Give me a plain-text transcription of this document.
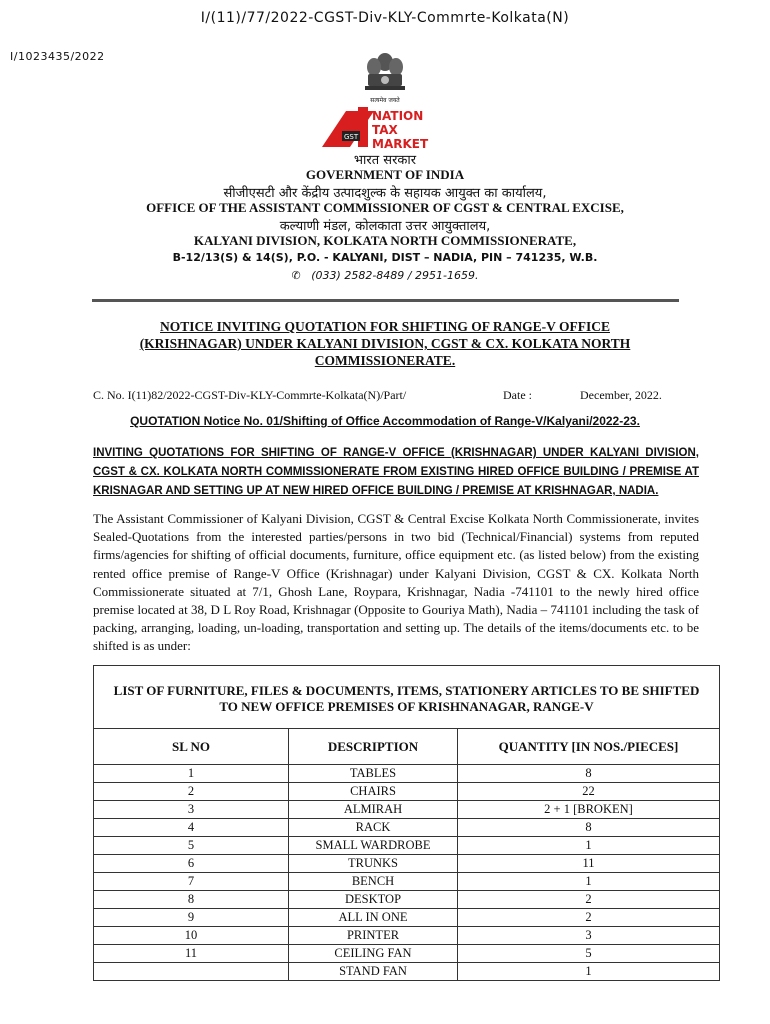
I/(11)/77/2022-CGST-Div-KLY-Commrte-Kolkata(N)
I/1023435/2022
सत्यमेव जयते
GST
NATION
TAX
MARKET
भारत सरकार
GOVERNMENT OF INDIA
सीजीएसटी और केंद्रीय उत्पादशुल्क के सहायक आयुक्त का कार्यालय,
OFFICE OF THE ASSISTANT COMMISSIONER OF CGST & CENTRAL EXCISE,
कल्याणी मंडल, कोलकाता उत्तर आयुक्तालय,
KALYANI DIVISION, KOLKATA NORTH COMMISSIONERATE,
B-12/13(S) & 14(S), P.O. - KALYANI, DIST – NADIA, PIN – 741235, W.B.
✆ (033) 2582-8489 / 2951-1659.
NOTICE INVITING QUOTATION FOR SHIFTING OF RANGE-V OFFICE (KRISHNAGAR) UNDER KALYANI DIVISION, CGST & CX. KOLKATA NORTH COMMISSIONERATE.
C. No. I(11)82/2022-CGST-Div-KLY-Commrte-Kolkata(N)/Part/	Date :	December, 2022.
QUOTATION Notice No. 01/Shifting of Office Accommodation of Range-V/Kalyani/2022-23.
INVITING QUOTATIONS FOR SHIFTING OF RANGE-V OFFICE (KRISHNAGAR) UNDER KALYANI DIVISION, CGST & CX. KOLKATA NORTH COMMISSIONERATE FROM EXISTING HIRED OFFICE BUILDING / PREMISE AT KRISNAGAR AND SETTING UP AT NEW HIRED OFFICE BUILDING / PREMISE AT KRISHNAGAR, NADIA.
The Assistant Commissioner of Kalyani Division, CGST & Central Excise Kolkata North Commissionerate, invites Sealed-Quotations from the interested parties/persons in two bid (Technical/Financial) systems from reputed firms/agencies for shifting of official documents, furniture, office equipment etc. (as listed below) from the existing rented office premise of Range-V Office (Krishnagar) under Kalyani Division, CGST & CX. Kolkata North Commissionerate situated at 7/1, Ghosh Lane, Roypara, Krishnagar, Nadia -741101 to the newly hired office premise located at 38, D L Roy Road, Krishnagar (Opposite to Gouriya Math), Nadia – 741101 including the task of packing, arranging, loading, un-loading, transportation and setting up. The details of the items/documents etc. to be shifted is as under:
LIST OF FURNITURE, FILES & DOCUMENTS, ITEMS, STATIONERY ARTICLES TO BE SHIFTED TO NEW OFFICE PREMISES OF KRISHNANAGAR, RANGE-V		
SL NO	DESCRIPTION	QUANTITY [IN NOS./PIECES]
1	TABLES	8
2	CHAIRS	22
3	ALMIRAH	2 + 1 [BROKEN]
4	RACK	8
5	SMALL WARDROBE	1
6	TRUNKS	11
7	BENCH	1
8	DESKTOP	2
9	ALL IN ONE	2
10	PRINTER	3
11	CEILING FAN	5
	STAND FAN	1
